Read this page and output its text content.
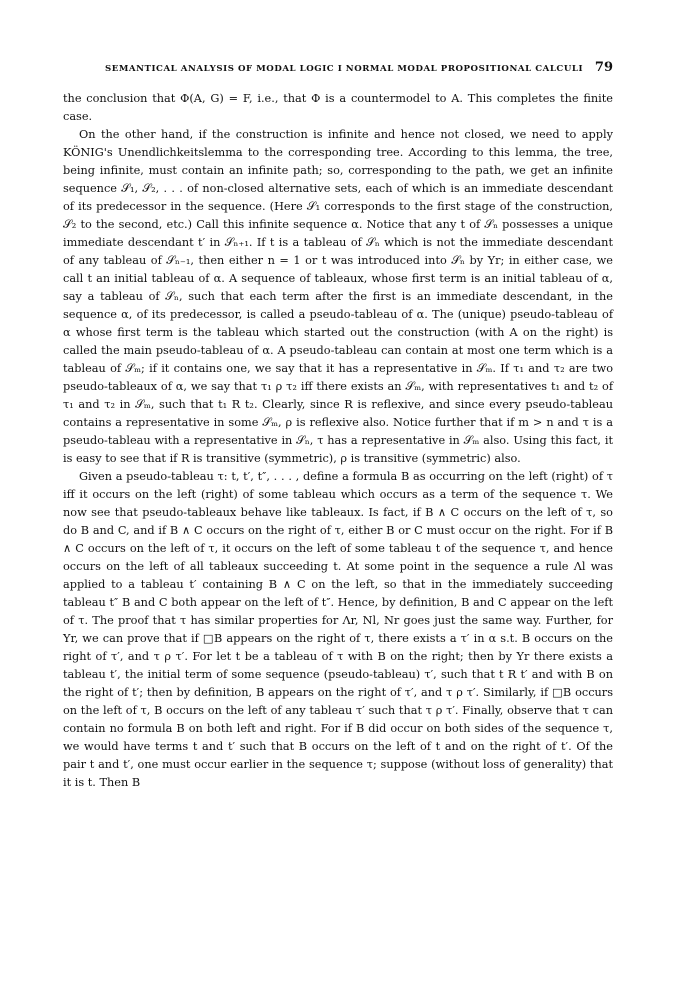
SEMANTICAL ANALYSIS OF MODAL LOGIC I NORMAL MODAL PROPOSITIONAL CALCULI 79

the conclusion that Φ(A, G) = F, i.e., that Φ is a countermodel to A. This completes the finite case.

On the other hand, if the construction is infinite and hence not closed, we need to apply KÖNIG's Unendlichkeitslemma to the corresponding tree. According to this lemma, the tree, being infinite, must contain an infinite path; so, corresponding to the path, we get an infinite sequence 𝒮₁, 𝒮₂, . . . of non-closed alternative sets, each of which is an immediate descendant of its predecessor in the sequence. (Here 𝒮₁ corresponds to the first stage of the construction, 𝒮₂ to the second, etc.) Call this infinite sequence α. Notice that any t of 𝒮ₙ possesses a unique immediate descendant t′ in 𝒮ₙ₊₁. If t is a tableau of 𝒮ₙ which is not the immediate descendant of any tableau of 𝒮ₙ₋₁, then either n = 1 or t was introduced into 𝒮ₙ by Yr; in either case, we call t an initial tableau of α. A sequence of tableaux, whose first term is an initial tableau of α, say a tableau of 𝒮ₙ, such that each term after the first is an immediate descendant, in the sequence α, of its predecessor, is called a pseudo-tableau of α. The (unique) pseudo-tableau of α whose first term is the tableau which started out the construction (with A on the right) is called the main pseudo-tableau of α. A pseudo-tableau can contain at most one term which is a tableau of 𝒮ₘ; if it contains one, we say that it has a representative in 𝒮ₘ. If τ₁ and τ₂ are two pseudo-tableaux of α, we say that τ₁ ρ τ₂ iff there exists an 𝒮ₘ, with representatives t₁ and t₂ of τ₁ and τ₂ in 𝒮ₘ, such that t₁ R t₂. Clearly, since R is reflexive, and since every pseudo-tableau contains a representative in some 𝒮ₘ, ρ is reflexive also. Notice further that if m > n and τ is a pseudo-tableau with a representative in 𝒮ₙ, τ has a representative in 𝒮ₘ also. Using this fact, it is easy to see that if R is transitive (symmetric), ρ is transitive (symmetric) also.

Given a pseudo-tableau τ: t, t′, t″, . . . , define a formula B as occurring on the left (right) of τ iff it occurs on the left (right) of some tableau which occurs as a term of the sequence τ. We now see that pseudo-tableaux behave like tableaux. Is fact, if B ∧ C occurs on the left of τ, so do B and C, and if B ∧ C occurs on the right of τ, either B or C must occur on the right. For if B ∧ C occurs on the left of τ, it occurs on the left of some tableau t of the sequence τ, and hence occurs on the left of all tableaux succeeding t. At some point in the sequence a rule Λl was applied to a tableau t′ containing B ∧ C on the left, so that in the immediately succeeding tableau t″ B and C both appear on the left of t″. Hence, by definition, B and C appear on the left of τ. The proof that τ has similar properties for Λr, Nl, Nr goes just the same way. Further, for Yr, we can prove that if □B appears on the right of τ, there exists a τ′ in α s.t. B occurs on the right of τ′, and τ ρ τ′. For let t be a tableau of τ with B on the right; then by Yr there exists a tableau t′, the initial term of some sequence (pseudo-tableau) τ′, such that t R t′ and with B on the right of t′; then by definition, B appears on the right of τ′, and τ ρ τ′. Similarly, if □B occurs on the left of τ, B occurs on the left of any tableau τ′ such that τ ρ τ′. Finally, observe that τ can contain no formula B on both left and right. For if B did occur on both sides of the sequence τ, we would have terms t and t′ such that B occurs on the left of t and on the right of t′. Of the pair t and t′, one must occur earlier in the sequence τ; suppose (without loss of generality) that it is t. Then B
